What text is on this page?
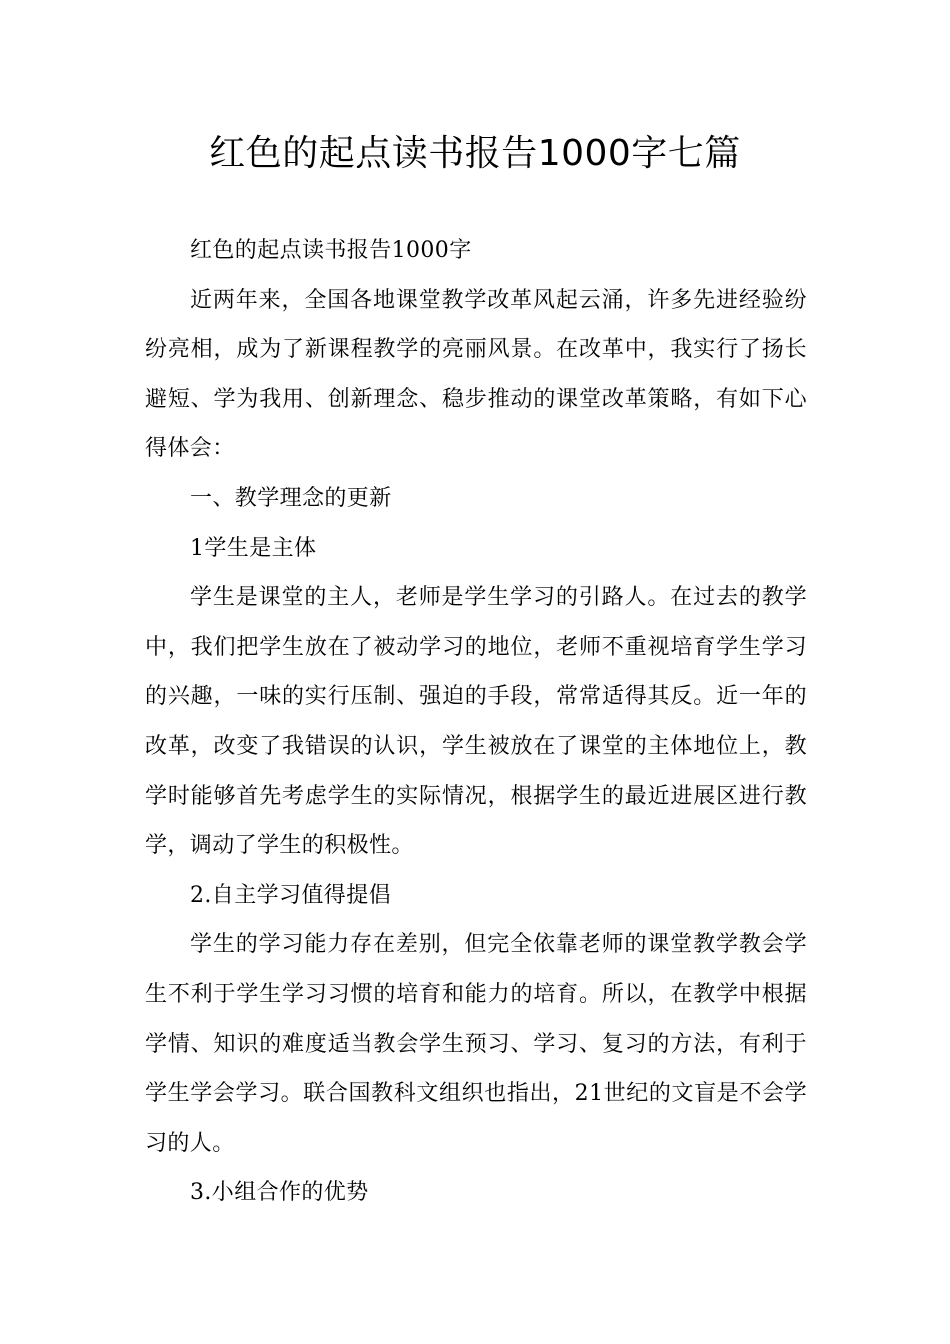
红色的起点读书报告1000字七篇

红色的起点读书报告1000字

近两年来，全国各地课堂教学改革风起云涌，许多先进经验纷纷亮相，成为了新课程教学的亮丽风景。在改革中，我实行了扬长避短、学为我用、创新理念、稳步推动的课堂改革策略，有如下心得体会：

一、教学理念的更新

1学生是主体

学生是课堂的主人，老师是学生学习的引路人。在过去的教学中，我们把学生放在了被动学习的地位，老师不重视培育学生学习的兴趣，一味的实行压制、强迫的手段，常常适得其反。近一年的改革，改变了我错误的认识，学生被放在了课堂的主体地位上，教学时能够首先考虑学生的实际情况，根据学生的最近进展区进行教学，调动了学生的积极性。

2.自主学习值得提倡

学生的学习能力存在差别，但完全依靠老师的课堂教学教会学生不利于学生学习习惯的培育和能力的培育。所以，在教学中根据学情、知识的难度适当教会学生预习、学习、复习的方法，有利于学生学会学习。联合国教科文组织也指出，21世纪的文盲是不会学习的人。

3.小组合作的优势
